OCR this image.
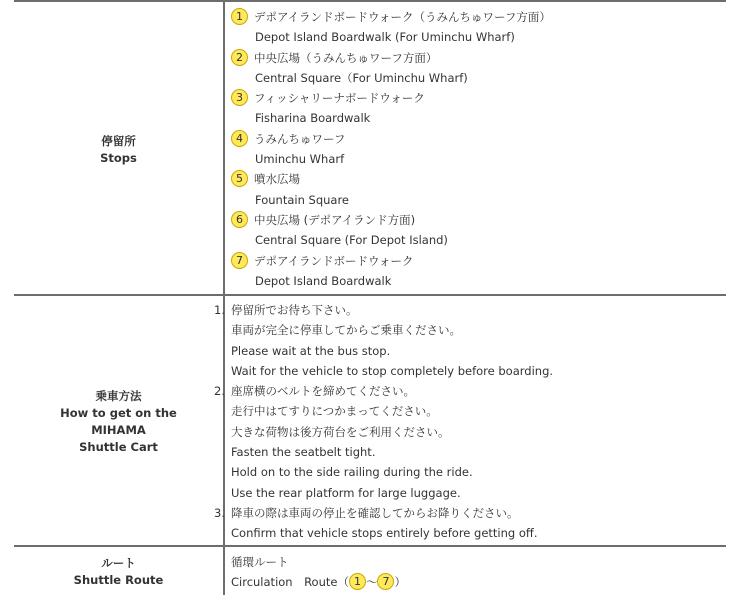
停留所
Stops
1 デポアイランドボードウォーク（うみんちゅワーフ方面）
Depot Island Boardwalk (For Uminchu Wharf)
2 中央広場（うみんちゅワーフ方面）
Central Square（For Uminchu Wharf)
3 フィッシャリーナボードウォーク
Fisharina Boardwalk
4 うみんちゅワーフ
Uminchu Wharf
5 噴水広場
Fountain Square
6 中央広場 (デポアイランド方面)
Central Square (For Depot Island)
7 デポアイランドボードウォーク
Depot Island Boardwalk
乗車方法
How to get on the
MIHAMA
Shuttle Cart
1. 停留所でお待ち下さい。
車両が完全に停車してからご乗車ください。
Please wait at the bus stop.
Wait for the vehicle to stop completely before boarding.
2. 座席横のベルトを締めてください。
走行中はてすりにつかまってください。
大きな荷物は後方荷台をご利用ください。
Fasten the seatbelt tight.
Hold on to the side railing during the ride.
Use the rear platform for large luggage.
3. 降車の際は車両の停止を確認してからお降りください。
Confirm that vehicle stops entirely before getting off.
ルート
Shuttle Route
循環ルート
Circulation　Route（ 1 ～ 7 ）
